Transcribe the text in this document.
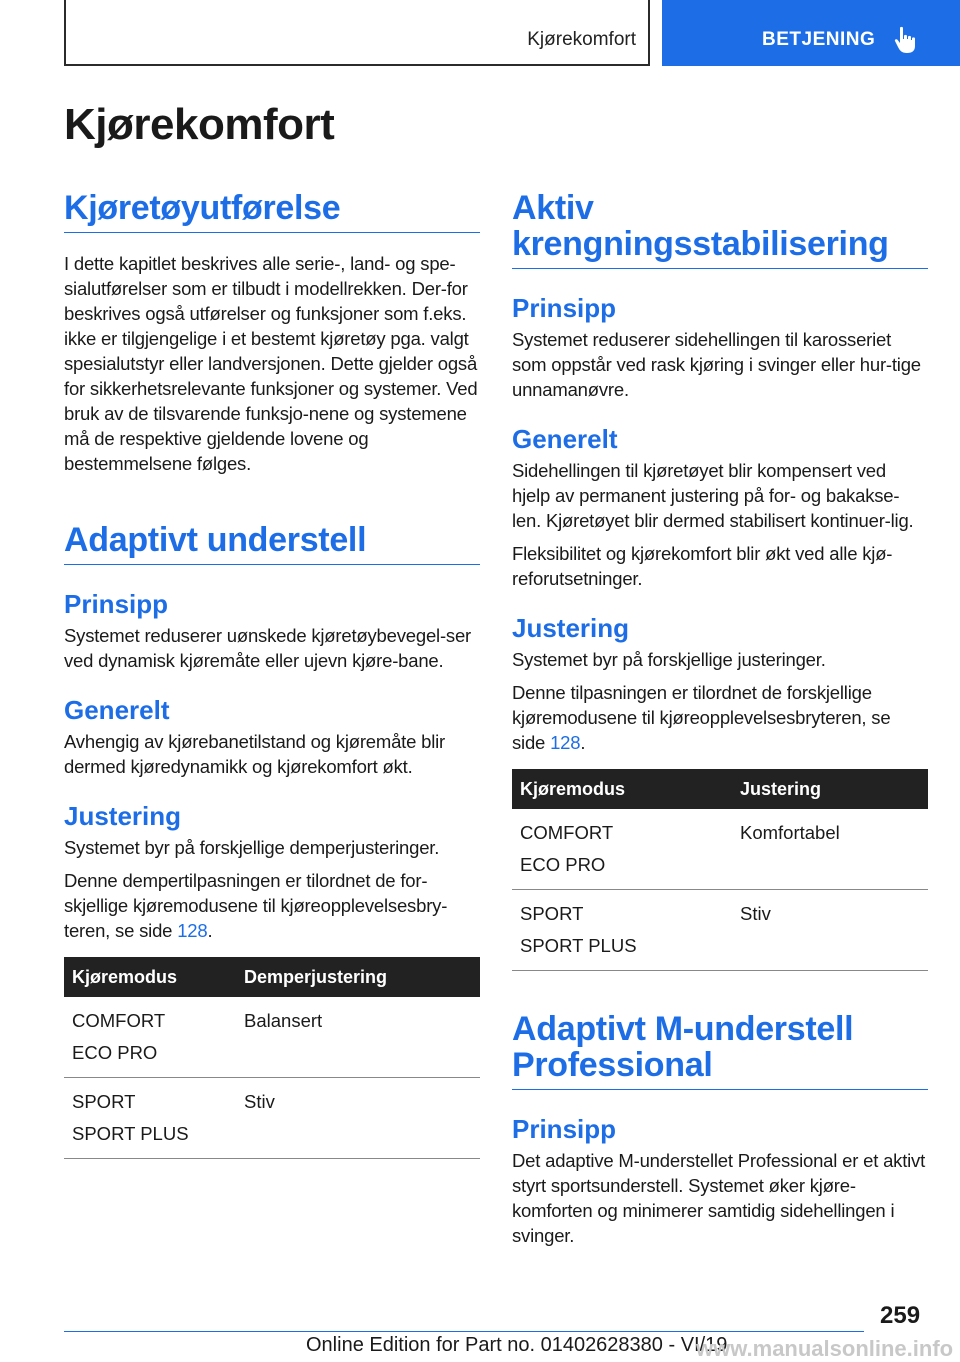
Kjørekomfort	BETJENING
Kjørekomfort
Kjøretøyutførelse

I dette kapitlet beskrives alle serie-, land- og spe-sialutførelser som er tilbudt i modellrekken. Der-for beskrives også utførelser og funksjoner som f.eks. ikke er tilgjengelige i et bestemt kjøretøy pga. valgt spesialutstyr eller landversjonen. Dette gjelder også for sikkerhetsrelevante funksjoner og systemer. Ved bruk av de tilsvarende funksjo-nene og systemene må de respektive gjeldende lovene og bestemmelsene følges.

Adaptivt understell
Prinsipp

Systemet reduserer uønskede kjøretøybevegel-ser ved dynamisk kjøremåte eller ujevn kjøre-bane.

Generelt

Avhengig av kjørebanetilstand og kjøremåte blir dermed kjøredynamikk og kjørekomfort økt.

Justering

Systemet byr på forskjellige demperjusteringer.

Denne dempertilpasningen er tilordnet de for-skjellige kjøremodusene til kjøreopplevelsesbry-teren, se side 128.

Kjøremodus	Demperjustering

COMFORT
ECO PRO	Balansert

SPORT
SPORT PLUS	Stiv
Aktiv krengningsstabilisering
Prinsipp

Systemet reduserer sidehellingen til karosseriet som oppstår ved rask kjøring i svinger eller hur-tige unnamanøvre.

Generelt

Sidehellingen til kjøretøyet blir kompensert ved hjelp av permanent justering på for- og bakakse-len. Kjøretøyet blir dermed stabilisert kontinuer-lig.

Fleksibilitet og kjørekomfort blir økt ved alle kjø-reforutsetninger.

Justering

Systemet byr på forskjellige justeringer.

Denne tilpasningen er tilordnet de forskjellige kjøremodusene til kjøreopplevelsesbryteren, se side 128.

Kjøremodus	Justering

COMFORT
ECO PRO	Komfortabel

SPORT
SPORT PLUS	Stiv
Adaptivt M-understell Professional
Prinsipp

Det adaptive M-understellet Professional er et aktivt styrt sportsunderstell. Systemet øker kjøre-komforten og minimerer samtidig sidehellingen i svinger.

259
Online Edition for Part no. 01402628380 - VI/19
www.manualsonline.info
